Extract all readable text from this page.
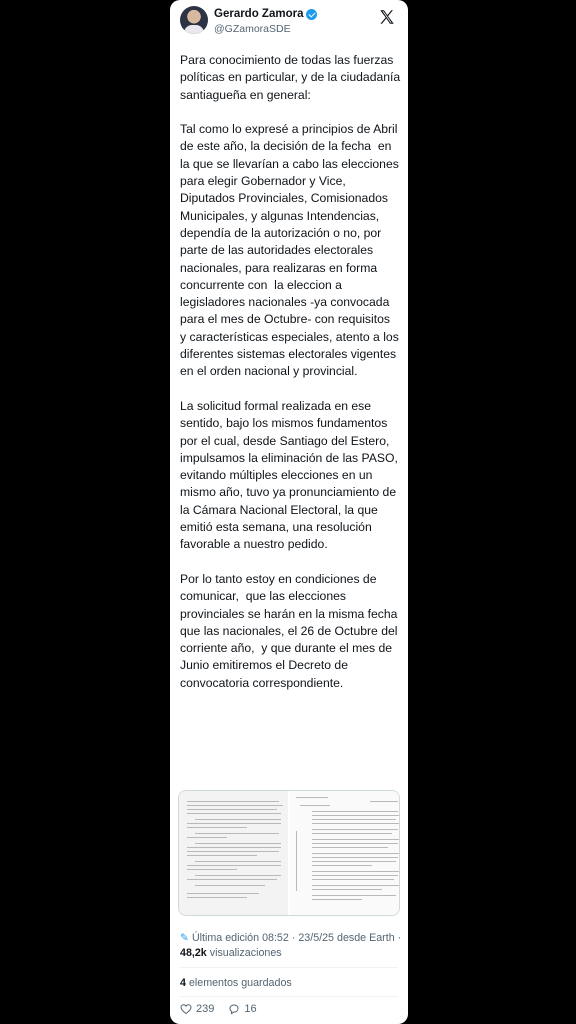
Gerardo Zamora
@GZamoraSDE
Para conocimiento de todas las fuerzas políticas en particular, y de la ciudadanía santiagueña en general:

Tal como lo expresé a principios de Abril de este año, la decisión de la fecha  en la que se llevarían a cabo las elecciones para elegir Gobernador y Vice, Diputados Provinciales, Comisionados Municipales, y algunas Intendencias, dependía de la autorización o no, por parte de las autoridades electorales nacionales, para realizaras en forma concurrente con  la eleccion a legisladores nacionales -ya convocada para el mes de Octubre- con requisitos  y características especiales, atento a los diferentes sistemas electorales vigentes en el orden nacional y provincial.

La solicitud formal realizada en ese sentido, bajo los mismos fundamentos por el cual, desde Santiago del Estero, impulsamos la eliminación de las PASO, evitando múltiples elecciones en un mismo año, tuvo ya pronunciamiento de la Cámara Nacional Electoral, la que emitió esta semana, una resolución favorable a nuestro pedido.

Por lo tanto estoy en condiciones de comunicar,  que las elecciones provinciales se harán en la misma fecha que las nacionales, el 26 de Octubre del corriente año,  y que durante el mes de Junio emitiremos el Decreto de convocatoria correspondiente.
✎ Última edición 08:52 · 23/5/25 desde Earth · 48,2k visualizaciones
4 elementos guardados
239	16
